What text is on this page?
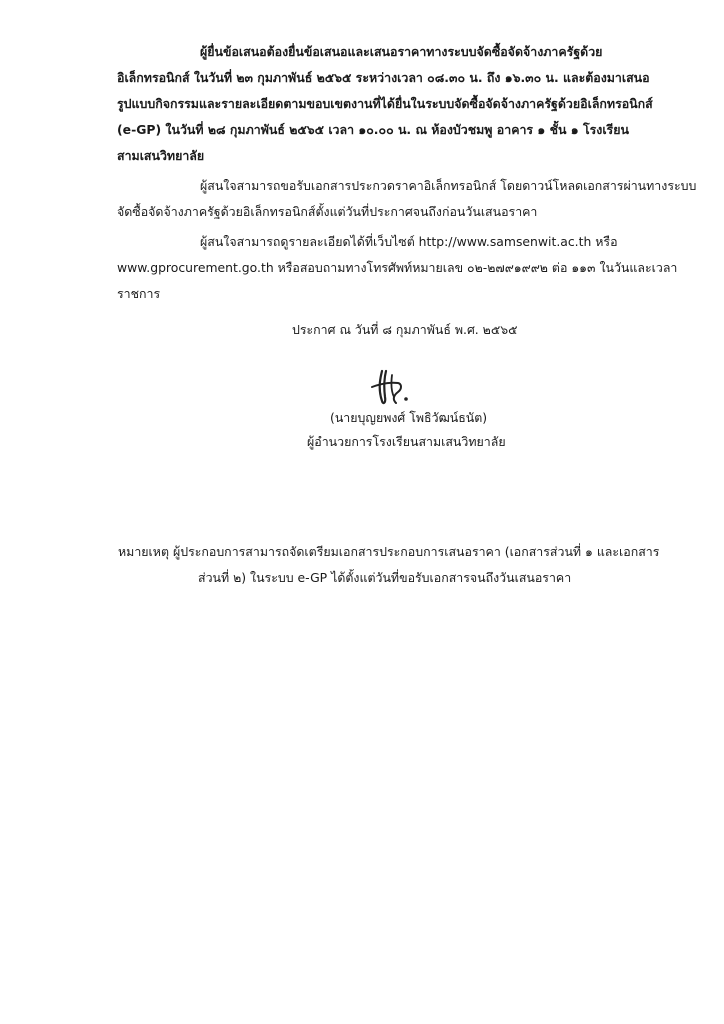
ผู้ยื่นข้อเสนอต้องยื่นข้อเสนอและเสนอราคาทางระบบจัดซื้อจัดจ้างภาครัฐด้วย
อิเล็กทรอนิกส์ ในวันที่ ๒๓ กุมภาพันธ์ ๒๕๖๕ ระหว่างเวลา ๐๘.๓๐ น. ถึง ๑๖.๓๐ น. และต้องมาเสนอ
รูปแบบกิจกรรมและรายละเอียดตามขอบเขตงานที่ได้ยื่นในระบบจัดซื้อจัดจ้างภาครัฐด้วยอิเล็กทรอนิกส์
(e-GP) ในวันที่ ๒๘ กุมภาพันธ์ ๒๕๖๕ เวลา ๑๐.๐๐ น. ณ ห้องบัวชมพู อาคาร ๑ ชั้น ๑ โรงเรียน
สามเสนวิทยาลัย
ผู้สนใจสามารถขอรับเอกสารประกวดราคาอิเล็กทรอนิกส์ โดยดาวน์โหลดเอกสารผ่านทางระบบ
จัดซื้อจัดจ้างภาครัฐด้วยอิเล็กทรอนิกส์ตั้งแต่วันที่ประกาศจนถึงก่อนวันเสนอราคา
ผู้สนใจสามารถดูรายละเอียดได้ที่เว็บไซต์ http://www.samsenwit.ac.th หรือ
www.gprocurement.go.th หรือสอบถามทางโทรศัพท์หมายเลข ๐๒-๒๗๙๑๙๙๒ ต่อ ๑๑๓ ในวันและเวลา
ราชการ
ประกาศ ณ วันที่ ๘ กุมภาพันธ์ พ.ศ. ๒๕๖๕
(นายบุญยพงศ์ โพธิวัฒน์ธนัต)
ผู้อำนวยการโรงเรียนสามเสนวิทยาลัย
หมายเหตุ ผู้ประกอบการสามารถจัดเตรียมเอกสารประกอบการเสนอราคา (เอกสารส่วนที่ ๑ และเอกสาร
ส่วนที่ ๒) ในระบบ e-GP ได้ตั้งแต่วันที่ขอรับเอกสารจนถึงวันเสนอราคา
